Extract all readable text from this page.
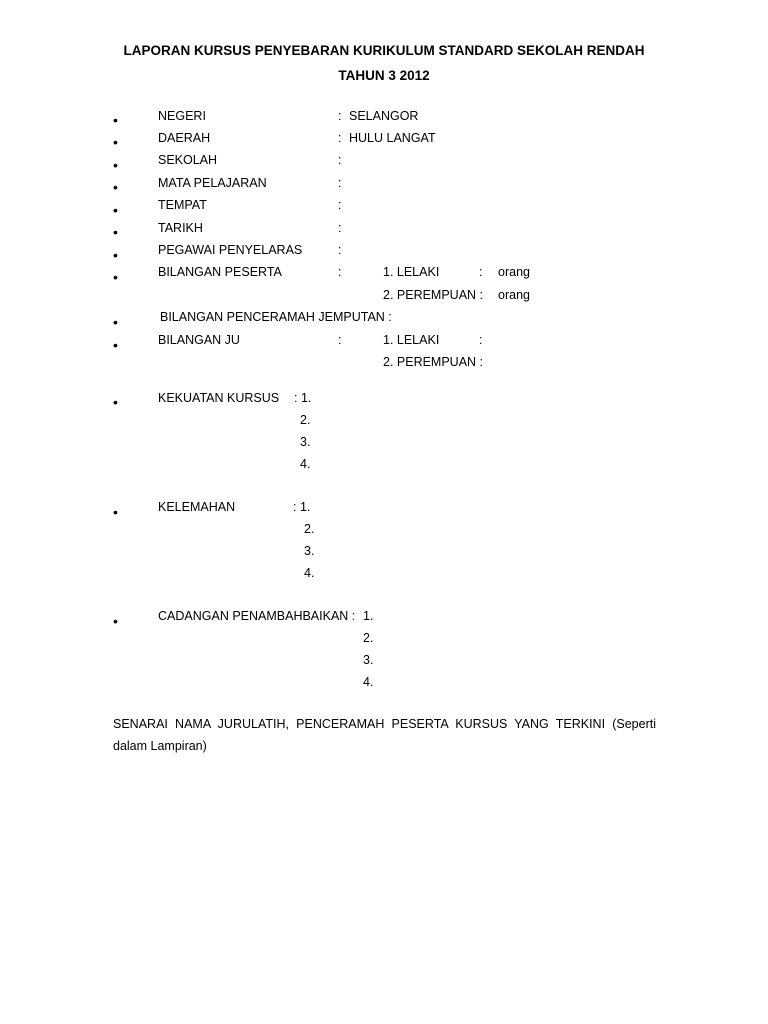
LAPORAN KURSUS PENYEBARAN KURIKULUM STANDARD SEKOLAH RENDAH
TAHUN 3 2012
•
NEGERI	: SELANGOR
•
DAERAH	: HULU LANGAT
•
SEKOLAH	:
•
MATA PELAJARAN	:
•
TEMPAT	:
•
TARIKH	:
•
PEGAWAI PENYELARAS	:
•
BILANGAN PESERTA	:	1. LELAKI	: orang
2. PEREMPUAN : orang
•
BILANGAN PENCERAMAH JEMPUTAN :
•
BILANGAN JU	:	1. LELAKI	:
2. PEREMPUAN :
•
KEKUATAN KURSUS : 1.
2.
3.
4.
•
KELEMAHAN	: 1.
2.
3.
4.
•
CADANGAN PENAMBAHBAIKAN : 1.
2.
3.
4.
SENARAI NAMA JURULATIH, PENCERAMAH PESERTA KURSUS YANG TERKINI (Seperti dalam Lampiran)
